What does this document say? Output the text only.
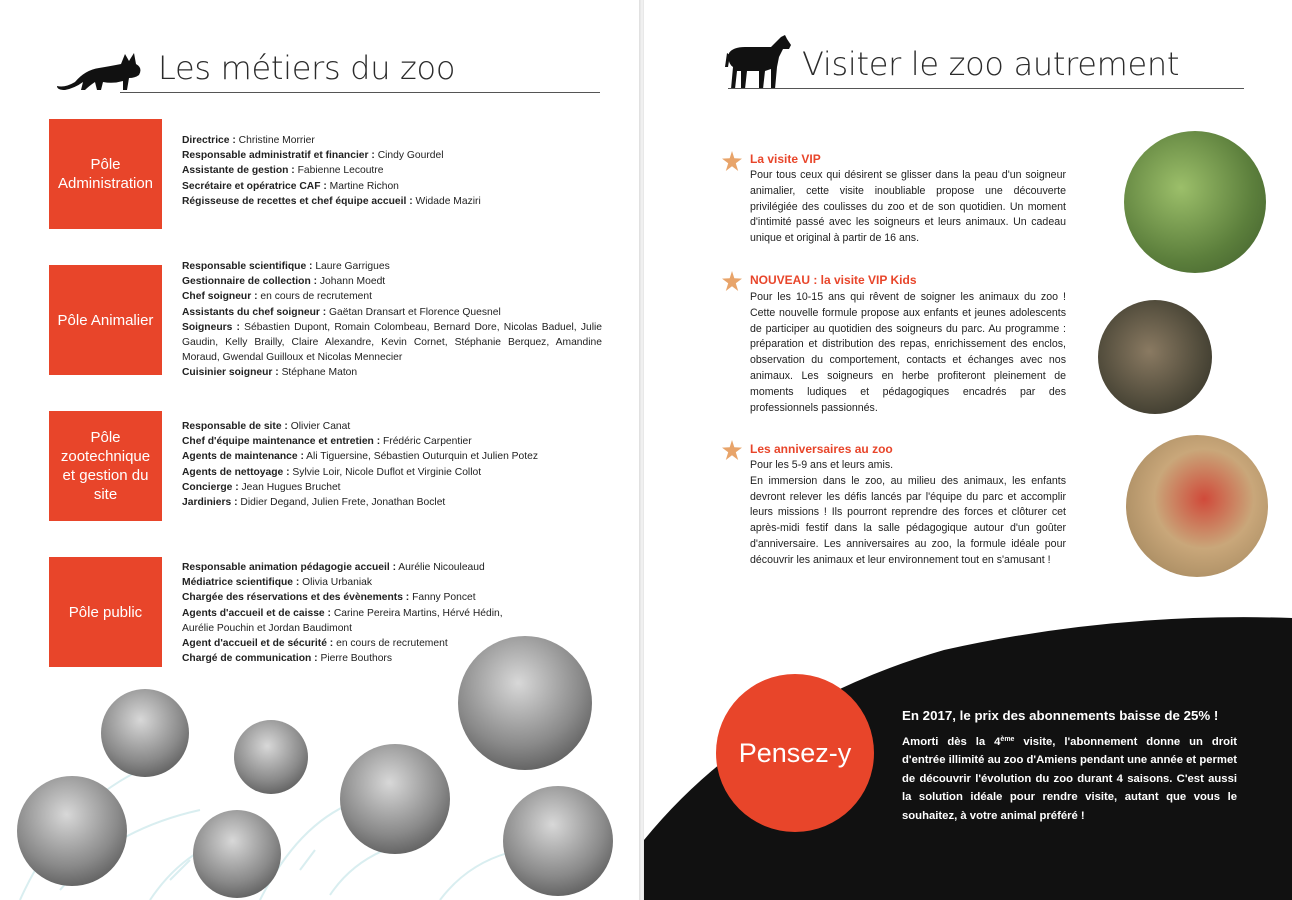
Les métiers du zoo
Pôle Administration
Directrice : Christine Morrier
Responsable administratif et financier : Cindy Gourdel
Assistante de gestion : Fabienne Lecoutre
Secrétaire et opératrice CAF : Martine Richon
Régisseuse de recettes et chef équipe accueil : Widade Maziri
Pôle Animalier
Responsable scientifique : Laure Garrigues
Gestionnaire de collection : Johann Moedt
Chef soigneur : en cours de recrutement
Assistants du chef soigneur : Gaëtan Dransart et Florence Quesnel
Soigneurs : Sébastien Dupont, Romain Colombeau, Bernard Dore, Nicolas Baduel, Julie Gaudin, Kelly Brailly, Claire Alexandre, Kevin Cornet, Stéphanie Berquez, Amandine Moraud, Gwendal Guilloux et Nicolas Mennecier
Cuisinier soigneur : Stéphane Maton
Pôle zootechnique et gestion du site
Responsable de site : Olivier Canat
Chef d'équipe maintenance et entretien : Frédéric Carpentier
Agents de maintenance : Ali Tiguersine, Sébastien Outurquin et Julien Potez
Agents de nettoyage : Sylvie Loir, Nicole Duflot et Virginie Collot
Concierge : Jean Hugues Bruchet
Jardiniers : Didier Degand, Julien Frete, Jonathan Boclet
Pôle public
Responsable animation pédagogie accueil : Aurélie Nicouleaud
Médiatrice scientifique : Olivia Urbaniak
Chargée des réservations et des évènements : Fanny Poncet
Agents d'accueil et de caisse : Carine Pereira Martins, Hérvé Hédin, Aurélie Pouchin et Jordan Baudimont
Agent d'accueil et de sécurité : en cours de recrutement
Chargé de communication : Pierre Bouthors
Visiter le zoo autrement
La visite VIP
Pour tous ceux qui désirent se glisser dans la peau d'un soigneur animalier, cette visite inoubliable propose une découverte privilégiée des coulisses du zoo et de son quotidien. Un moment d'intimité passé avec les soigneurs et leurs animaux. Un cadeau unique et original à partir de 16 ans.
NOUVEAU : la visite VIP Kids
Pour les 10-15 ans qui rêvent de soigner les animaux du zoo ! Cette nouvelle formule propose aux enfants et jeunes adolescents de participer au quotidien des soigneurs du parc. Au programme : préparation et distribution des repas, enrichissement des enclos, observation du comportement, contacts et échanges avec nos animaux. Les soigneurs en herbe profiteront pleinement de moments ludiques et pédagogiques encadrés par des professionnels passionnés.
Les anniversaires au zoo
Pour les 5-9 ans et leurs amis.
En immersion dans le zoo, au milieu des animaux, les enfants devront relever les défis lancés par l'équipe du parc et accomplir leurs missions ! Ils pourront reprendre des forces et clôturer cet après-midi festif dans la salle pédagogique autour d'un goûter d'anniversaire. Les anniversaires au zoo, la formule idéale pour découvrir les animaux et leur environnement tout en s'amusant !
Pensez-y
En 2017, le prix des abonnements baisse de 25% !
Amorti dès la 4ème visite, l'abonnement donne un droit d'entrée illimité au zoo d'Amiens pendant une année et permet de découvrir l'évolution du zoo durant 4 saisons. C'est aussi la solution idéale pour rendre visite, autant que vous le souhaitez, à votre animal préféré !
